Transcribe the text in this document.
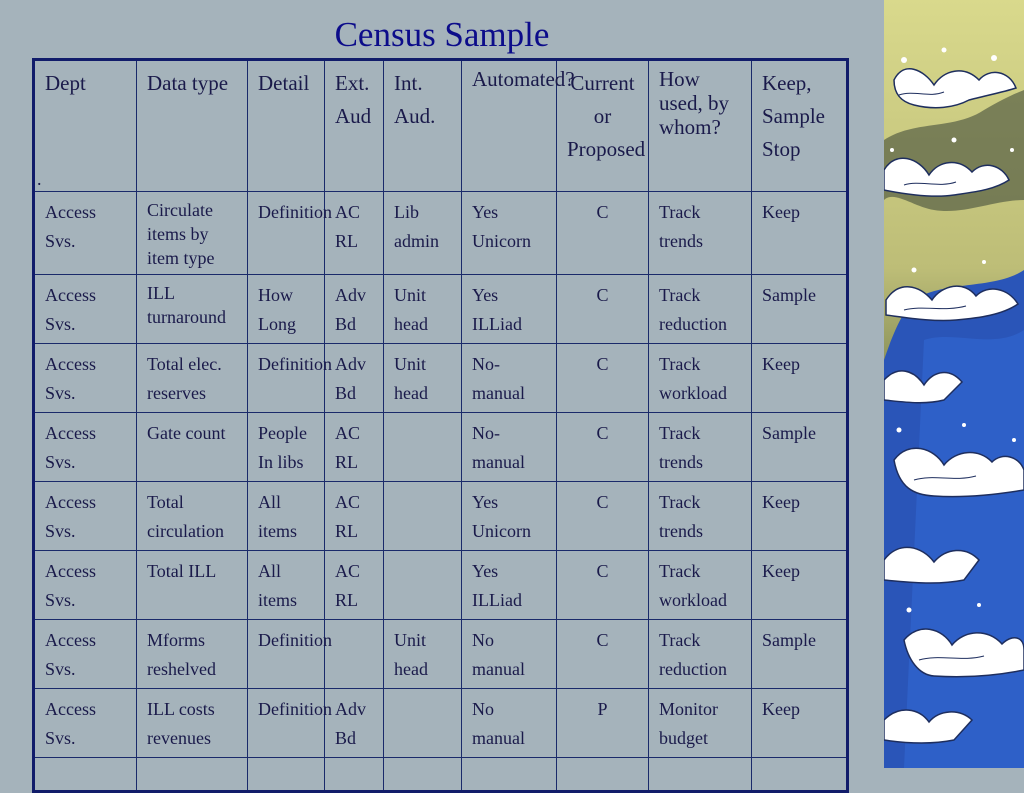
Census Sample
.
Dept	Data type	Detail	Ext. Aud	Int. Aud.	Automated?	Current or Proposed	How used, by whom?	Keep, Sample Stop
Access Svs.	Circulate items by item type	Definition	AC RL	Lib admin	Yes Unicorn	C	Track trends	Keep
Access Svs.	ILL turnaround	How Long	Adv Bd	Unit head	Yes ILLiad	C	Track reduction	Sample
Access Svs.	Total elec. reserves	Definition	Adv Bd	Unit head	No- manual	C	Track workload	Keep
Access Svs.	Gate count	People In libs	AC RL		No- manual	C	Track trends	Sample
Access Svs.	Total circulation	All items	AC RL		Yes Unicorn	C	Track trends	Keep
Access Svs.	Total ILL	All items	AC RL		Yes ILLiad	C	Track workload	Keep
Access Svs.	Mforms reshelved	Definition		Unit head	No manual	C	Track reduction	Sample
Access Svs.	ILL costs revenues	Definition	Adv Bd		No manual	P	Monitor budget	Keep
